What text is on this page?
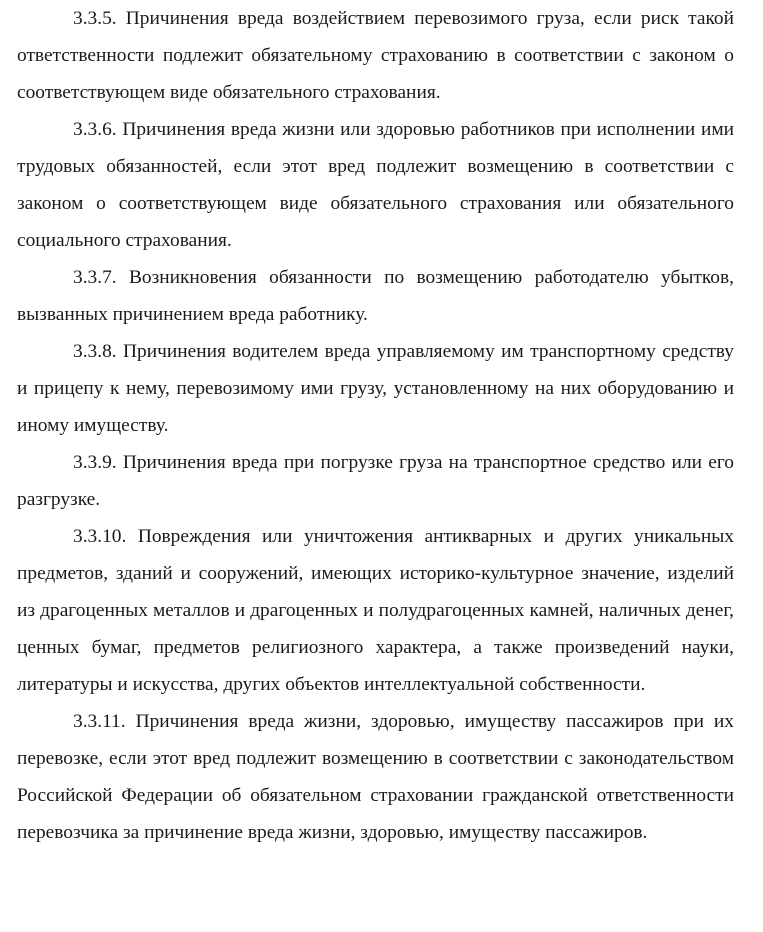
3.3.5. Причинения вреда воздействием перевозимого груза, если риск такой ответственности подлежит обязательному страхованию в соответствии с законом о соответствующем виде обязательного страхования.

3.3.6. Причинения вреда жизни или здоровью работников при исполнении ими трудовых обязанностей, если этот вред подлежит возмещению в соответствии с законом о соответствующем виде обязательного страхования или обязательного социального страхования.

3.3.7. Возникновения обязанности по возмещению работодателю убытков, вызванных причинением вреда работнику.

3.3.8. Причинения водителем вреда управляемому им транспортному средству и прицепу к нему, перевозимому ими грузу, установленному на них оборудованию и иному имуществу.

3.3.9. Причинения вреда при погрузке груза на транспортное средство или его разгрузке.

3.3.10. Повреждения или уничтожения антикварных и других уникальных предметов, зданий и сооружений, имеющих историко-культурное значение, изделий из драгоценных металлов и драгоценных и полудрагоценных камней, наличных денег, ценных бумаг, предметов религиозного характера, а также произведений науки, литературы и искусства, других объектов интеллектуальной собственности.

3.3.11. Причинения вреда жизни, здоровью, имуществу пассажиров при их перевозке, если этот вред подлежит возмещению в соответствии с законодательством Российской Федерации об обязательном страховании гражданской ответственности перевозчика за причинение вреда жизни, здоровью, имуществу пассажиров.
